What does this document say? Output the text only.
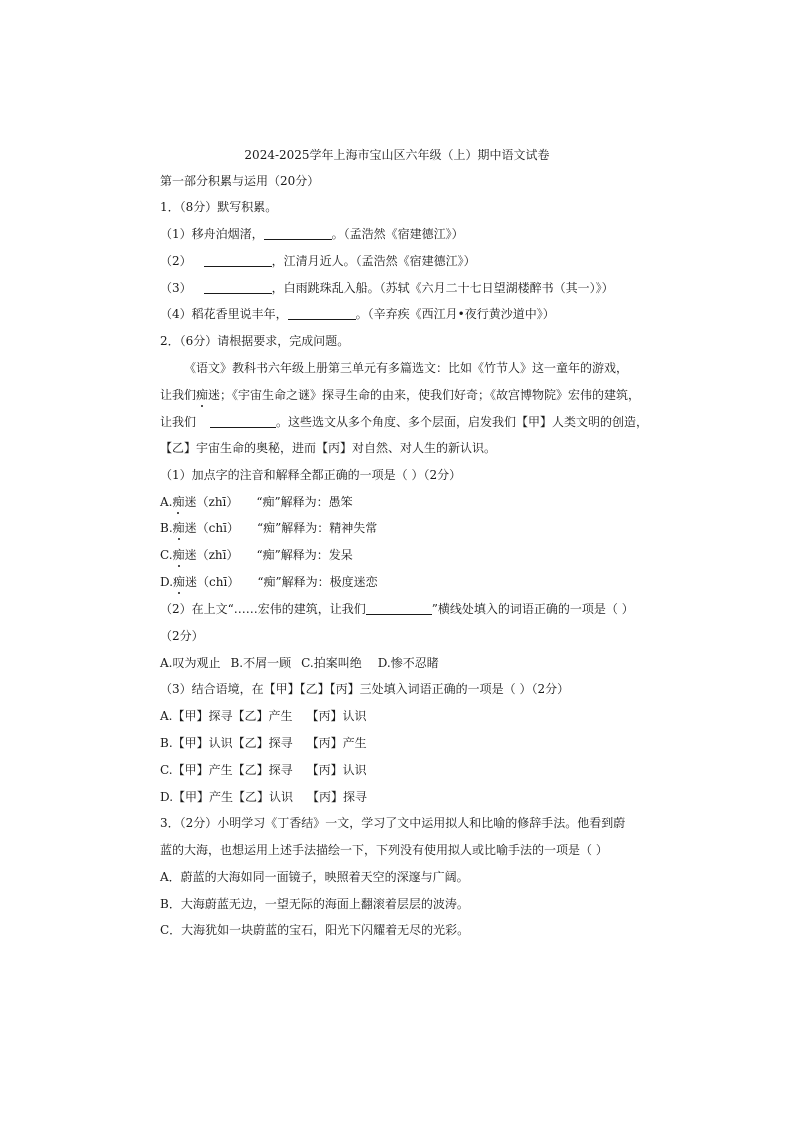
2024-2025学年上海市宝山区六年级（上）期中语文试卷
第一部分积累与运用（20分）
1．（8分）默写积累。
（1）移舟泊烟渚，	。（孟浩然《宿建德江》）
（2）	，江清月近人。（孟浩然《宿建德江》）
（3）	，白雨跳珠乱入船。（苏轼《六月二十七日望湖楼醉书（其一）》）
（4）稻花香里说丰年，	。（辛弃疾《西江月•夜行黄沙道中》）
2．（6分）请根据要求，完成问题。
《语文》教科书六年级上册第三单元有多篇选文：比如《竹节人》这一童年的游戏，
让我们痴迷；《宇宙生命之谜》探寻生命的由来，使我们好奇；《故宫博物院》宏伟的建筑，
让我们	。这些选文从多个角度、多个层面，启发我们【甲】人类文明的创造，
【乙】宇宙生命的奥秘，进而【丙】对自然、对人生的新认识。
（1）加点字的注音和解释全都正确的一项是（ ）（2分）
A.痴迷（zhī） “痴”解释为：愚笨
B.痴迷（chī） “痴”解释为：精神失常
C.痴迷（zhī） “痴”解释为：发呆
D.痴迷（chī） “痴”解释为：极度迷恋
（2）在上文“……宏伟的建筑，让我们	”横线处填入的词语正确的一项是（ ）
（2分）
A.叹为观止 B.不屑一顾 C.拍案叫绝 D.惨不忍睹
（3）结合语境，在【甲】【乙】【丙】三处填入词语正确的一项是（ ）（2分）
A.【甲】探寻【乙】产生 【丙】认识
B.【甲】认识【乙】探寻 【丙】产生
C.【甲】产生【乙】探寻 【丙】认识
D.【甲】产生【乙】认识 【丙】探寻
3．（2分）小明学习《丁香结》一文，学习了文中运用拟人和比喻的修辞手法。他看到蔚
蓝的大海，也想运用上述手法描绘一下，下列没有使用拟人或比喻手法的一项是（ ）
A．蔚蓝的大海如同一面镜子，映照着天空的深邃与广阔。
B．大海蔚蓝无边，一望无际的海面上翻滚着层层的波涛。
C．大海犹如一块蔚蓝的宝石，阳光下闪耀着无尽的光彩。
